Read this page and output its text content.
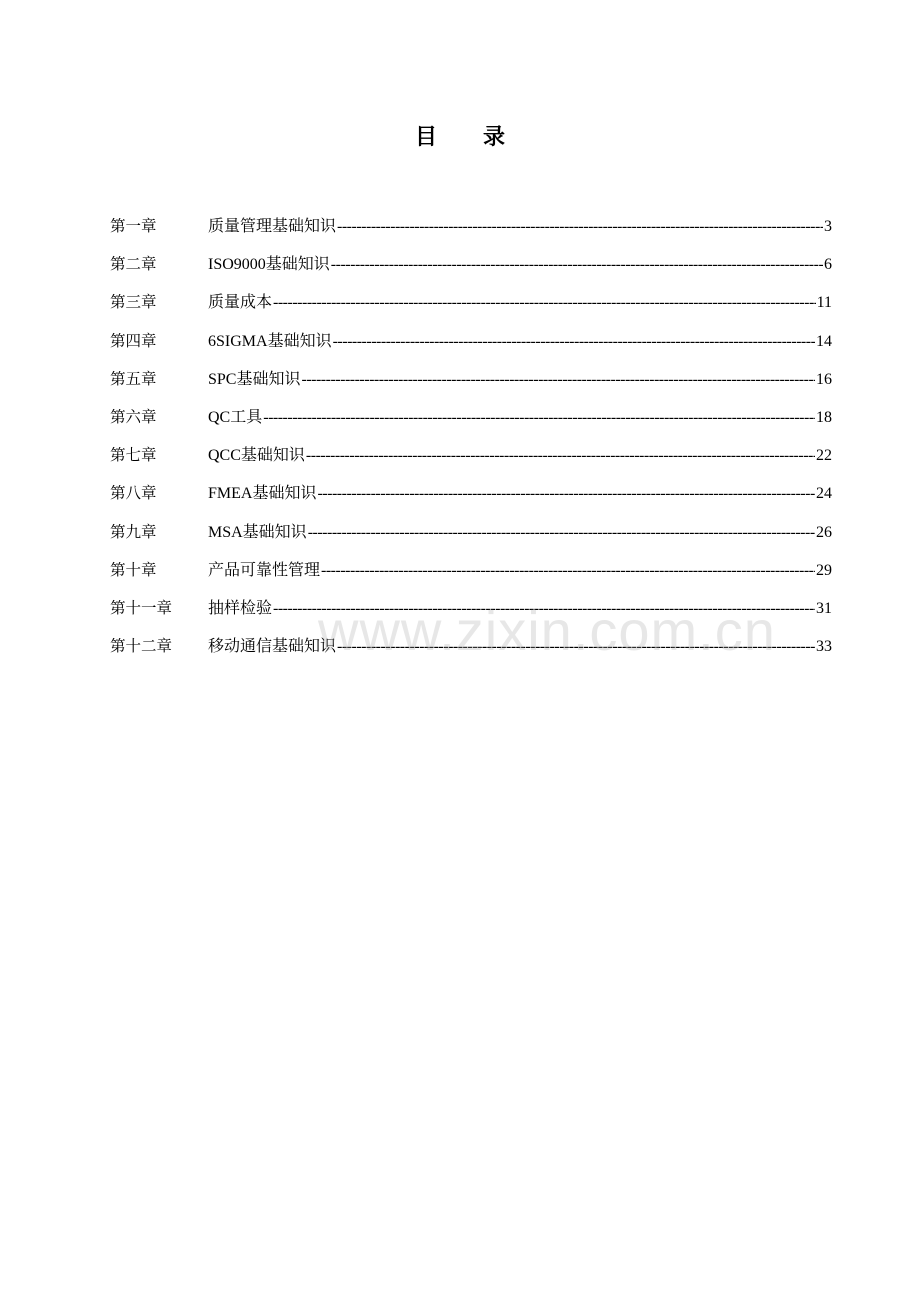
目 录
第一章	质量管理基础知识 -----	3
第二章	ISO9000基础知识 -----	6
第三章	质量成本 -----	11
第四章	6SIGMA基础知识 -----	14
第五章	SPC基础知识 -----	16
第六章	QC工具 -----	18
第七章	QCC基础知识 -----	22
第八章	FMEA基础知识 -----	24
第九章	MSA基础知识 -----	26
第十章	产品可靠性管理 -----	29
第十一章	抽样检验 -----	31
第十二章	移动通信基础知识 -----	33
www.zixin.com.cn
